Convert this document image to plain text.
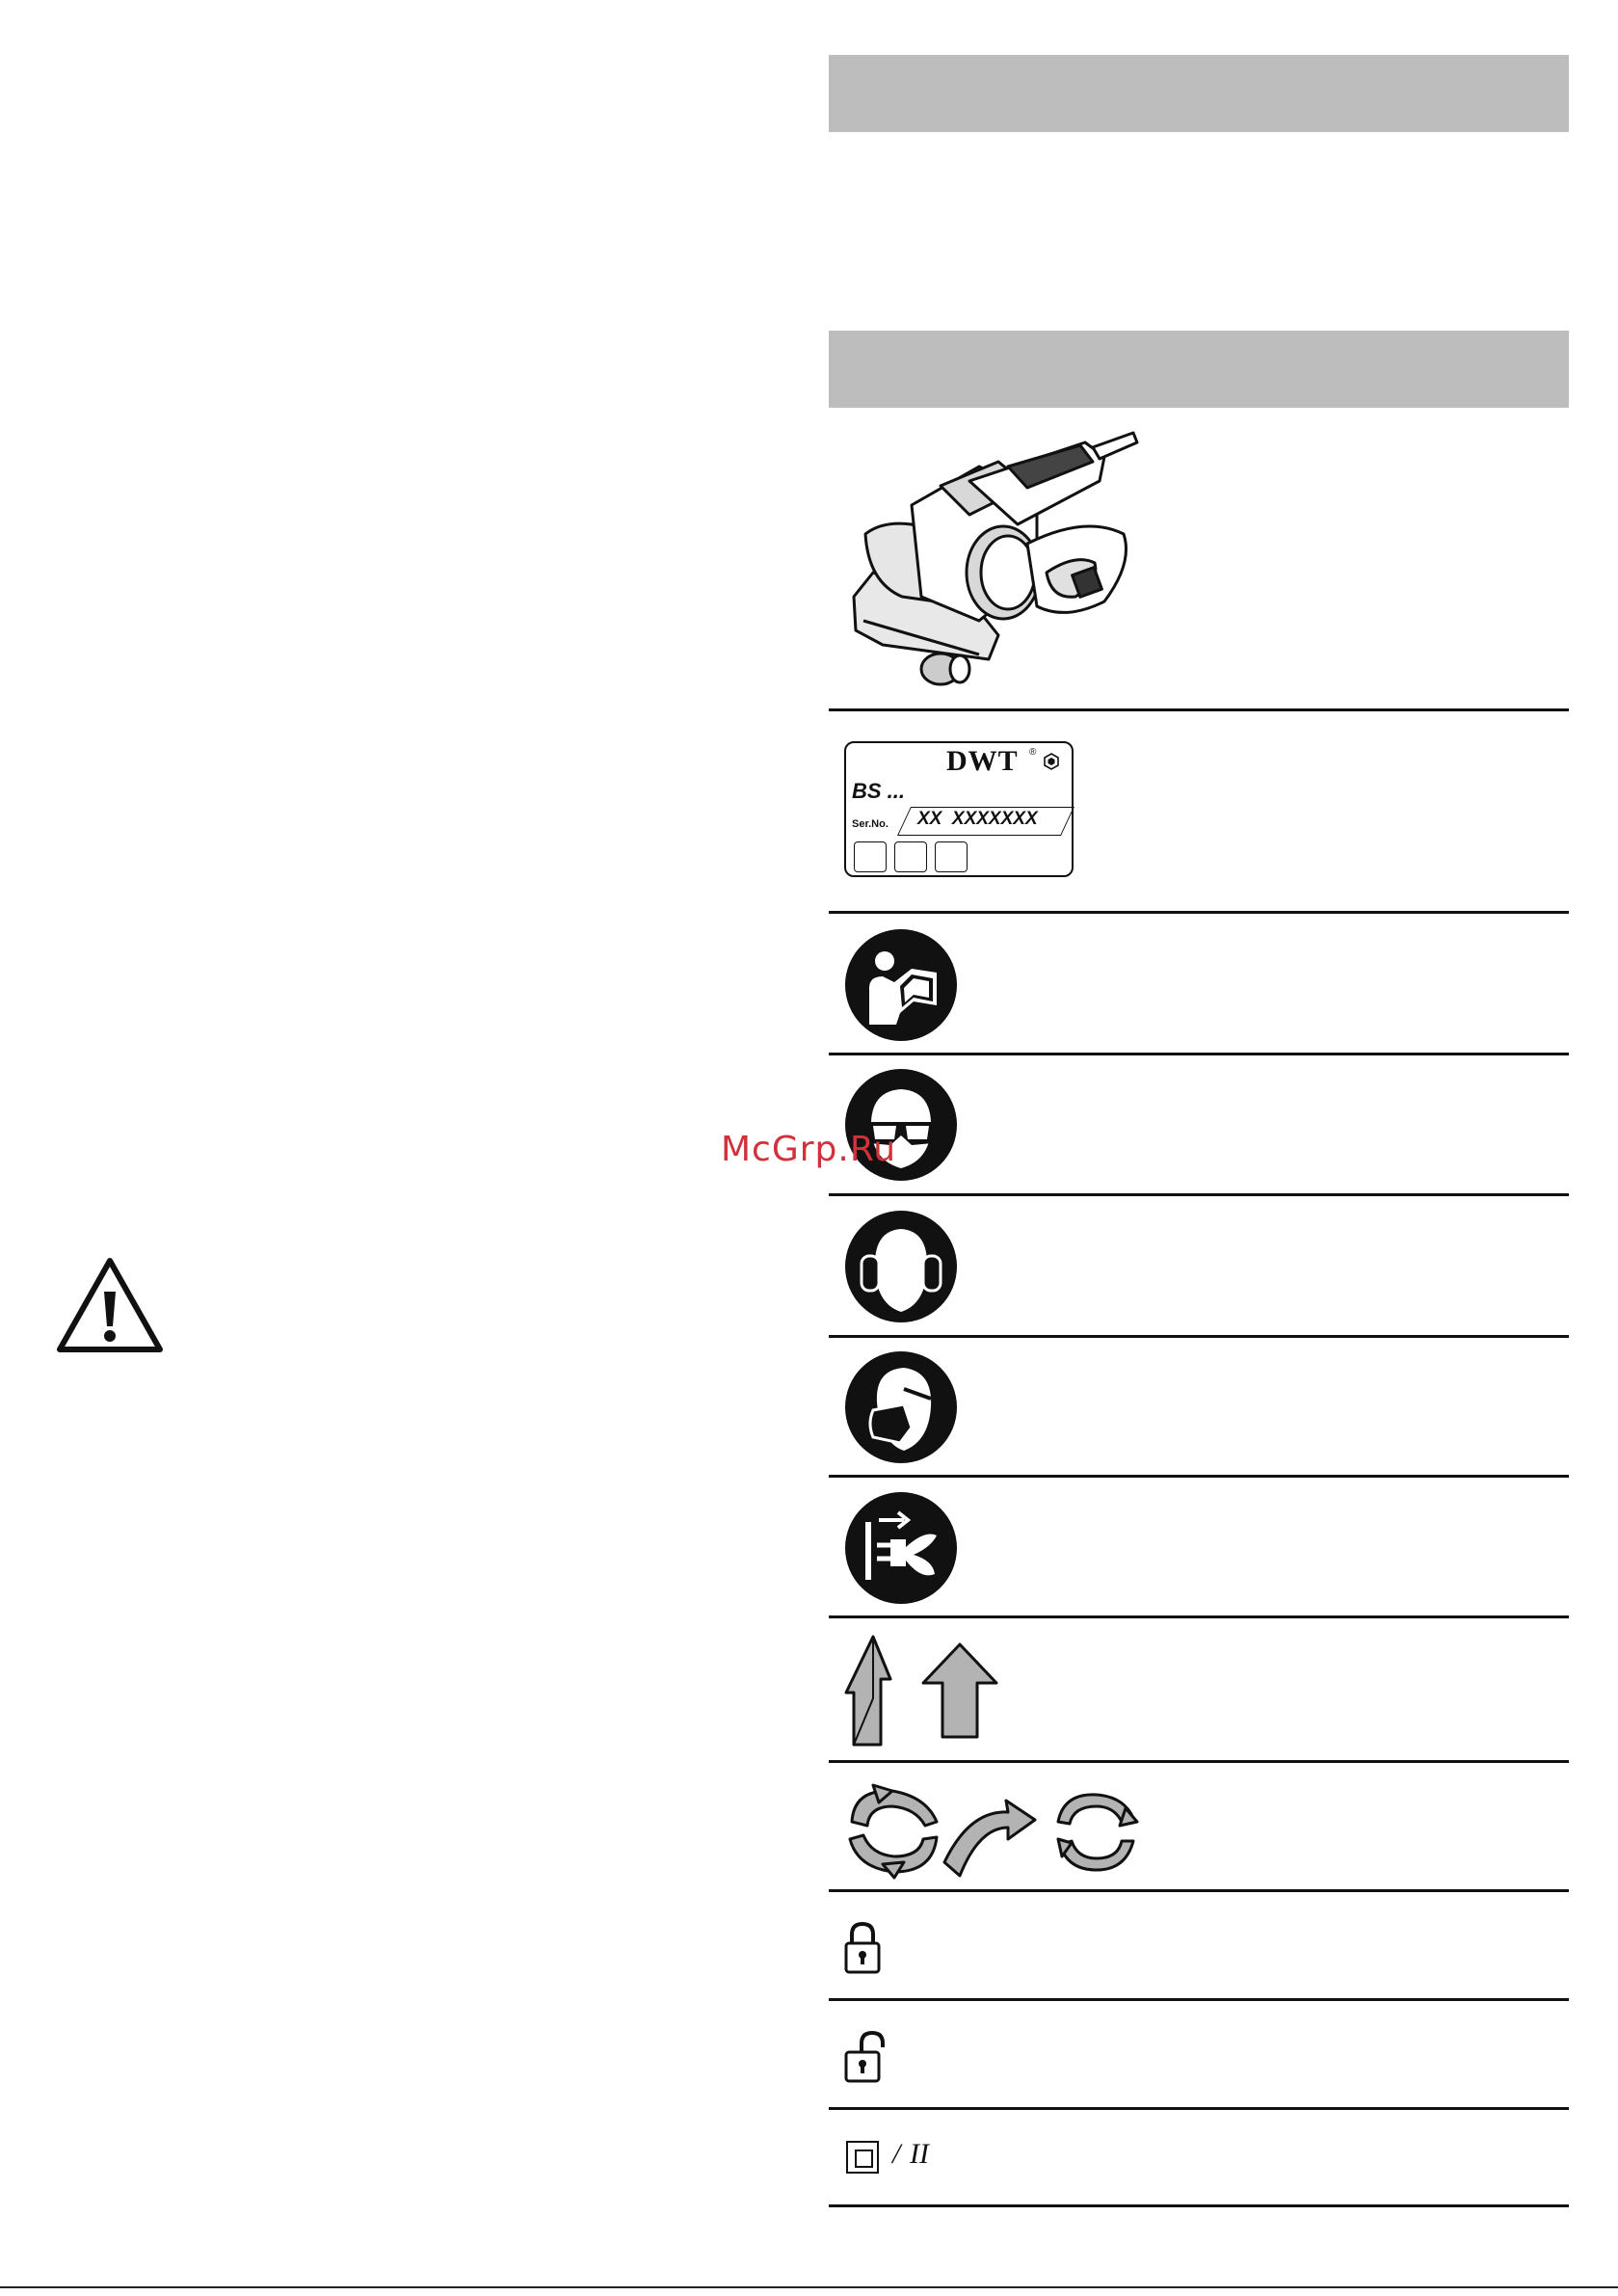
DWT ®
BS ...
Ser.No. XX  XXXXXXX
McGrp.Ru
/ II
